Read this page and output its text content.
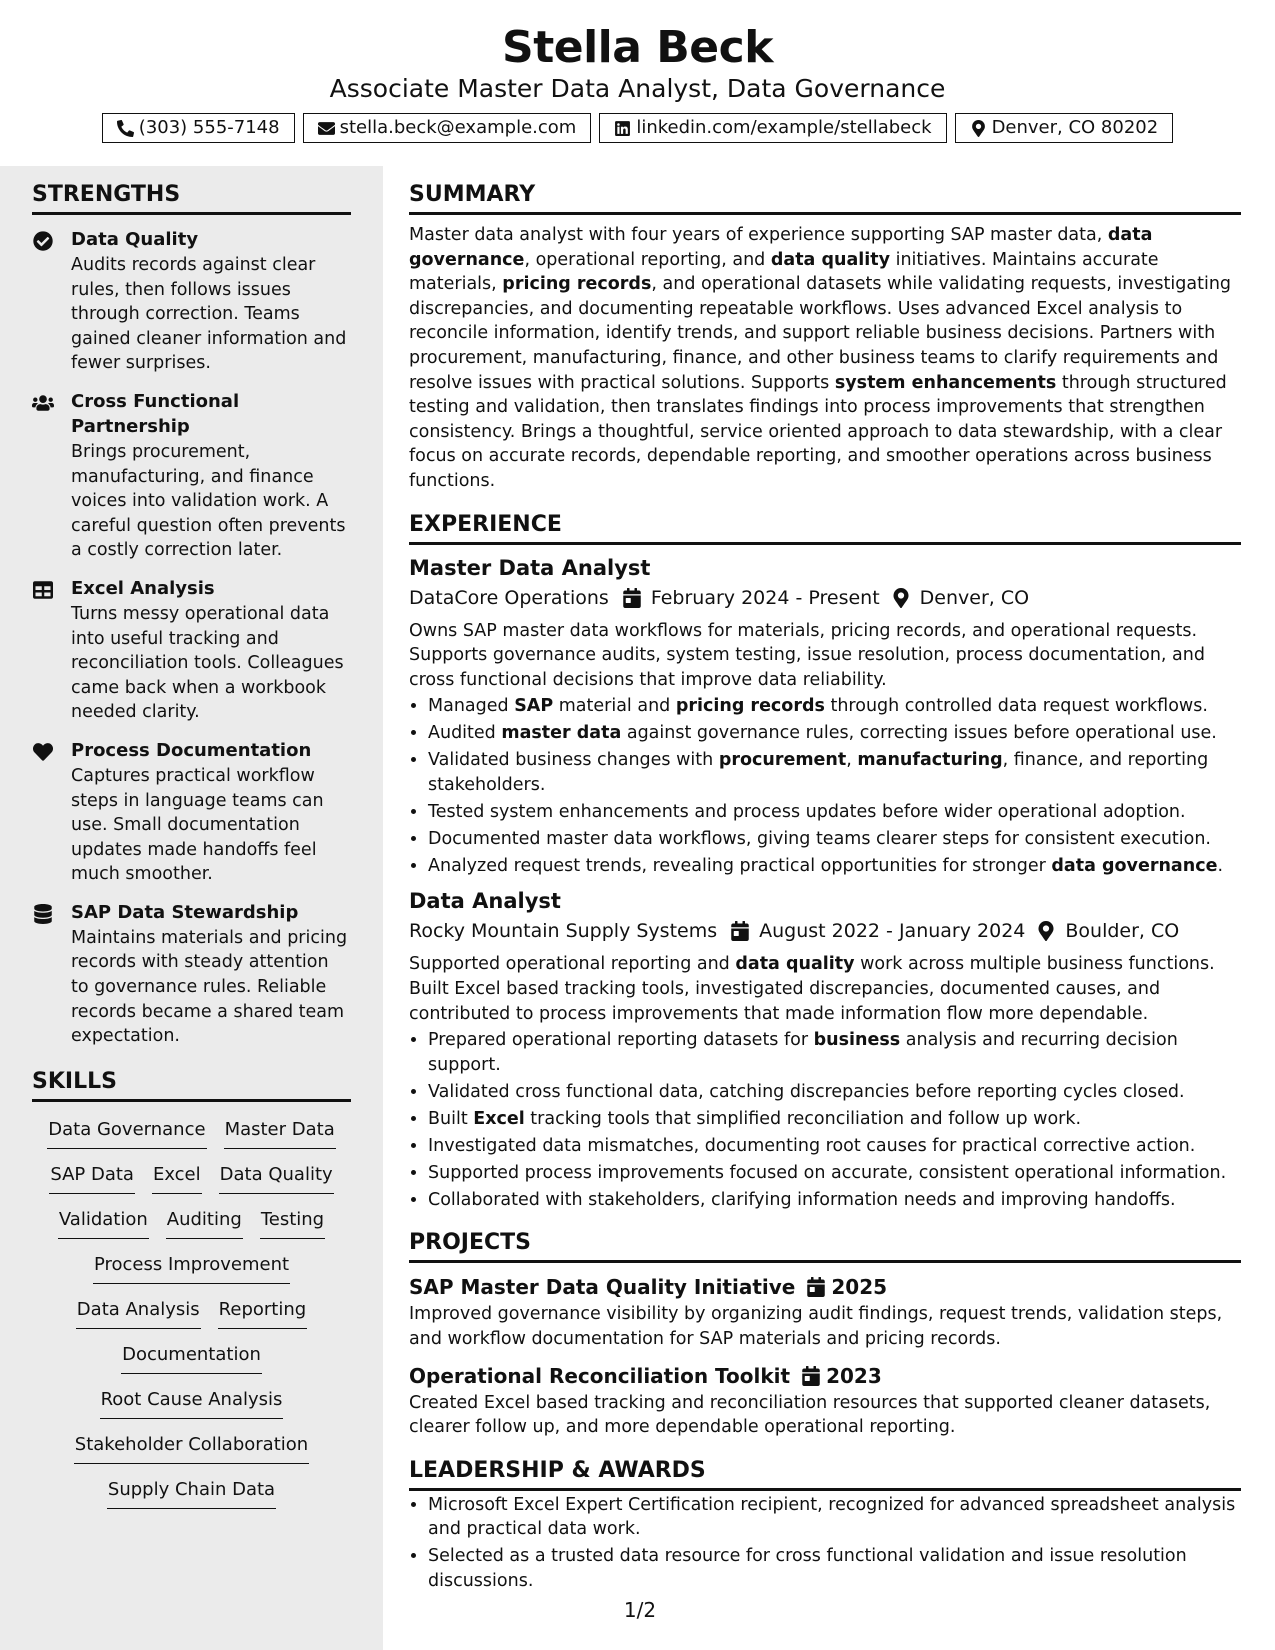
Stella Beck
Associate Master Data Analyst, Data Governance
(303) 555-7148	stella.beck@example.com	linkedin.com/example/stellabeck	Denver, CO 80202
STRENGTHS
Data Quality
Audits records against clear rules, then follows issues through correction. Teams gained cleaner information and fewer surprises.
Cross Functional Partnership
Brings procurement, manufacturing, and finance voices into validation work. A careful question often prevents a costly correction later.
Excel Analysis
Turns messy operational data into useful tracking and reconciliation tools. Colleagues came back when a workbook needed clarity.
Process Documentation
Captures practical workflow steps in language teams can use. Small documentation updates made handoffs feel much smoother.
SAP Data Stewardship
Maintains materials and pricing records with steady attention to governance rules. Reliable records became a shared team expectation.
SKILLS
Data Governance Master Data
SAP Data Excel Data Quality
Validation Auditing Testing
Process Improvement
Data Analysis Reporting
Documentation
Root Cause Analysis
Stakeholder Collaboration
Supply Chain Data
SUMMARY
Master data analyst with four years of experience supporting SAP master data, data governance, operational reporting, and data quality initiatives. Maintains accurate materials, pricing records, and operational datasets while validating requests, investigating discrepancies, and documenting repeatable workflows. Uses advanced Excel analysis to reconcile information, identify trends, and support reliable business decisions. Partners with procurement, manufacturing, finance, and other business teams to clarify requirements and resolve issues with practical solutions. Supports system enhancements through structured testing and validation, then translates findings into process improvements that strengthen consistency. Brings a thoughtful, service oriented approach to data stewardship, with a clear focus on accurate records, dependable reporting, and smoother operations across business functions.
EXPERIENCE
Master Data Analyst
DataCore Operations February 2024 - Present Denver, CO
Owns SAP master data workflows for materials, pricing records, and operational requests. Supports governance audits, system testing, issue resolution, process documentation, and cross functional decisions that improve data reliability.
• Managed SAP material and pricing records through controlled data request workflows.
• Audited master data against governance rules, correcting issues before operational use.
• Validated business changes with procurement, manufacturing, finance, and reporting stakeholders.
• Tested system enhancements and process updates before wider operational adoption.
• Documented master data workflows, giving teams clearer steps for consistent execution.
• Analyzed request trends, revealing practical opportunities for stronger data governance.
Data Analyst
Rocky Mountain Supply Systems August 2022 - January 2024 Boulder, CO
Supported operational reporting and data quality work across multiple business functions. Built Excel based tracking tools, investigated discrepancies, documented causes, and contributed to process improvements that made information flow more dependable.
• Prepared operational reporting datasets for business analysis and recurring decision support.
• Validated cross functional data, catching discrepancies before reporting cycles closed.
• Built Excel tracking tools that simplified reconciliation and follow up work.
• Investigated data mismatches, documenting root causes for practical corrective action.
• Supported process improvements focused on accurate, consistent operational information.
• Collaborated with stakeholders, clarifying information needs and improving handoffs.
PROJECTS
SAP Master Data Quality Initiative 2025
Improved governance visibility by organizing audit findings, request trends, validation steps, and workflow documentation for SAP materials and pricing records.
Operational Reconciliation Toolkit 2023
Created Excel based tracking and reconciliation resources that supported cleaner datasets, clearer follow up, and more dependable operational reporting.
LEADERSHIP & AWARDS
• Microsoft Excel Expert Certification recipient, recognized for advanced spreadsheet analysis and practical data work.
• Selected as a trusted data resource for cross functional validation and issue resolution discussions.
1/2
